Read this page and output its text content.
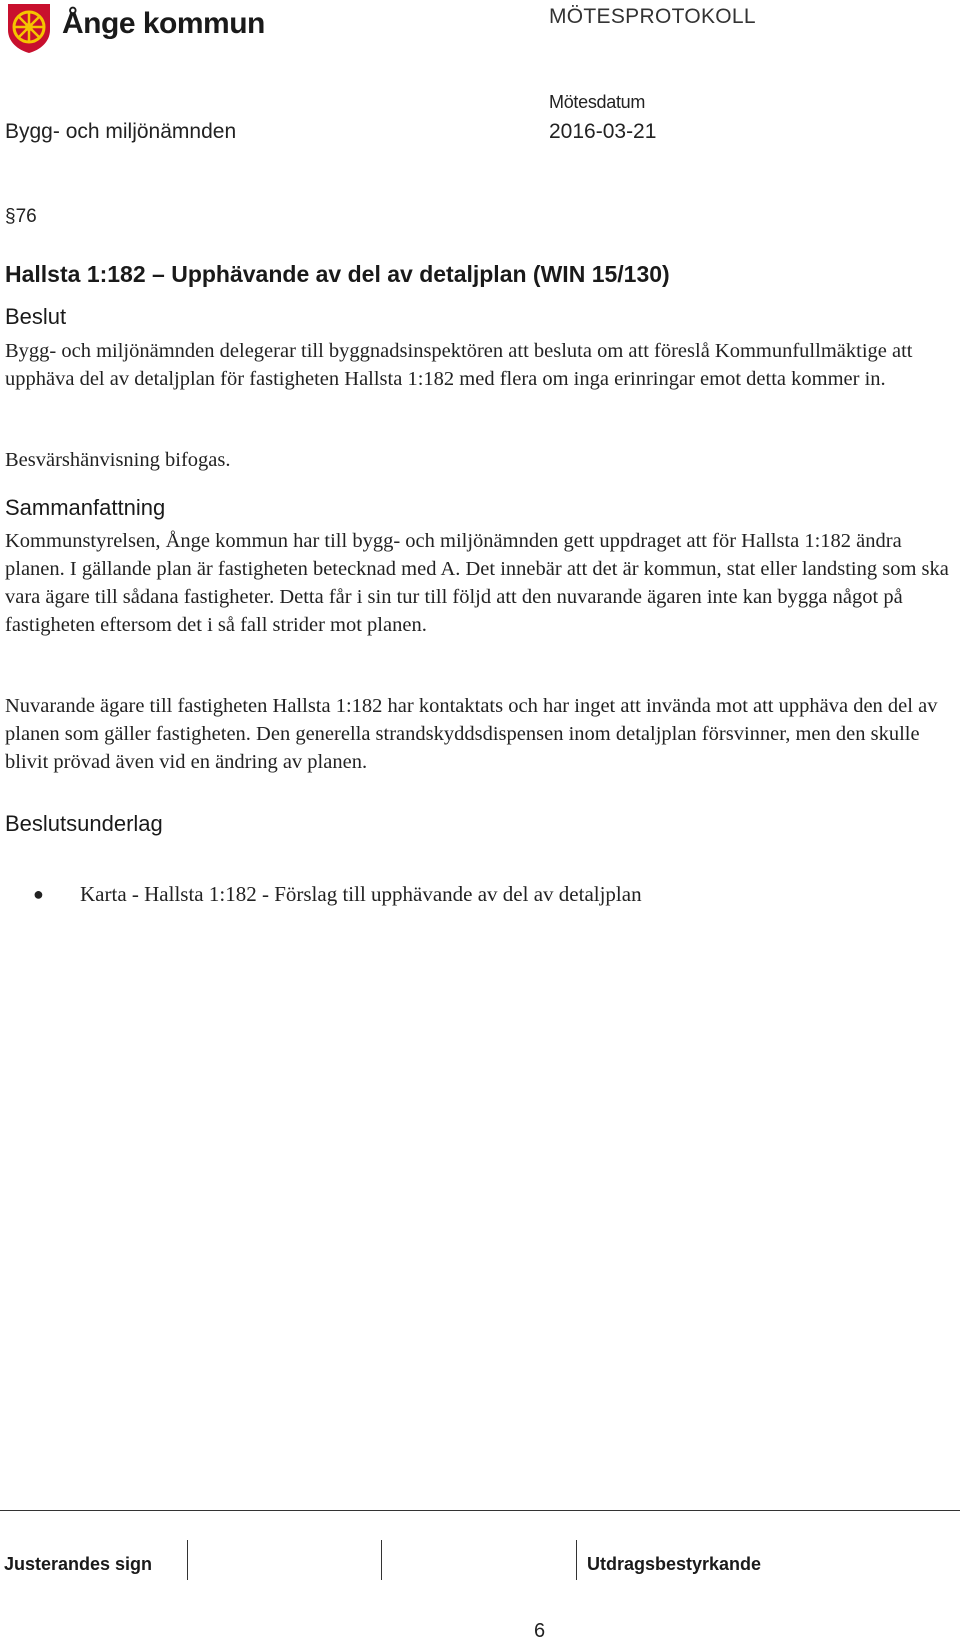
Ånge kommun	MÖTESPROTOKOLL
Mötesdatum
Bygg- och miljönämnden	2016-03-21
§76
Hallsta 1:182 – Upphävande av del av detaljplan (WIN 15/130)
Beslut

Bygg- och miljönämnden delegerar till byggnadsinspektören att besluta om att föreslå Kommunfullmäktige att upphäva del av detaljplan för fastigheten Hallsta 1:182 med flera om inga erinringar emot detta kommer in.

Besvärshänvisning bifogas.

Sammanfattning

Kommunstyrelsen, Ånge kommun har till bygg- och miljönämnden gett uppdraget att för Hallsta 1:182 ändra planen. I gällande plan är fastigheten betecknad med A. Det innebär att det är kommun, stat eller landsting som ska vara ägare till sådana fastigheter. Detta får i sin tur till följd att den nuvarande ägaren inte kan bygga något på fastigheten eftersom det i så fall strider mot planen.

Nuvarande ägare till fastigheten Hallsta 1:182 har kontaktats och har inget att invända mot att upphäva den del av planen som gäller fastigheten. Den generella strandskyddsdispensen inom detaljplan försvinner, men den skulle blivit prövad även vid en ändring av planen.

Beslutsunderlag
●	Karta - Hallsta 1:182 - Förslag till upphävande av del av detaljplan
Justerandes sign	Utdragsbestyrkande
6
